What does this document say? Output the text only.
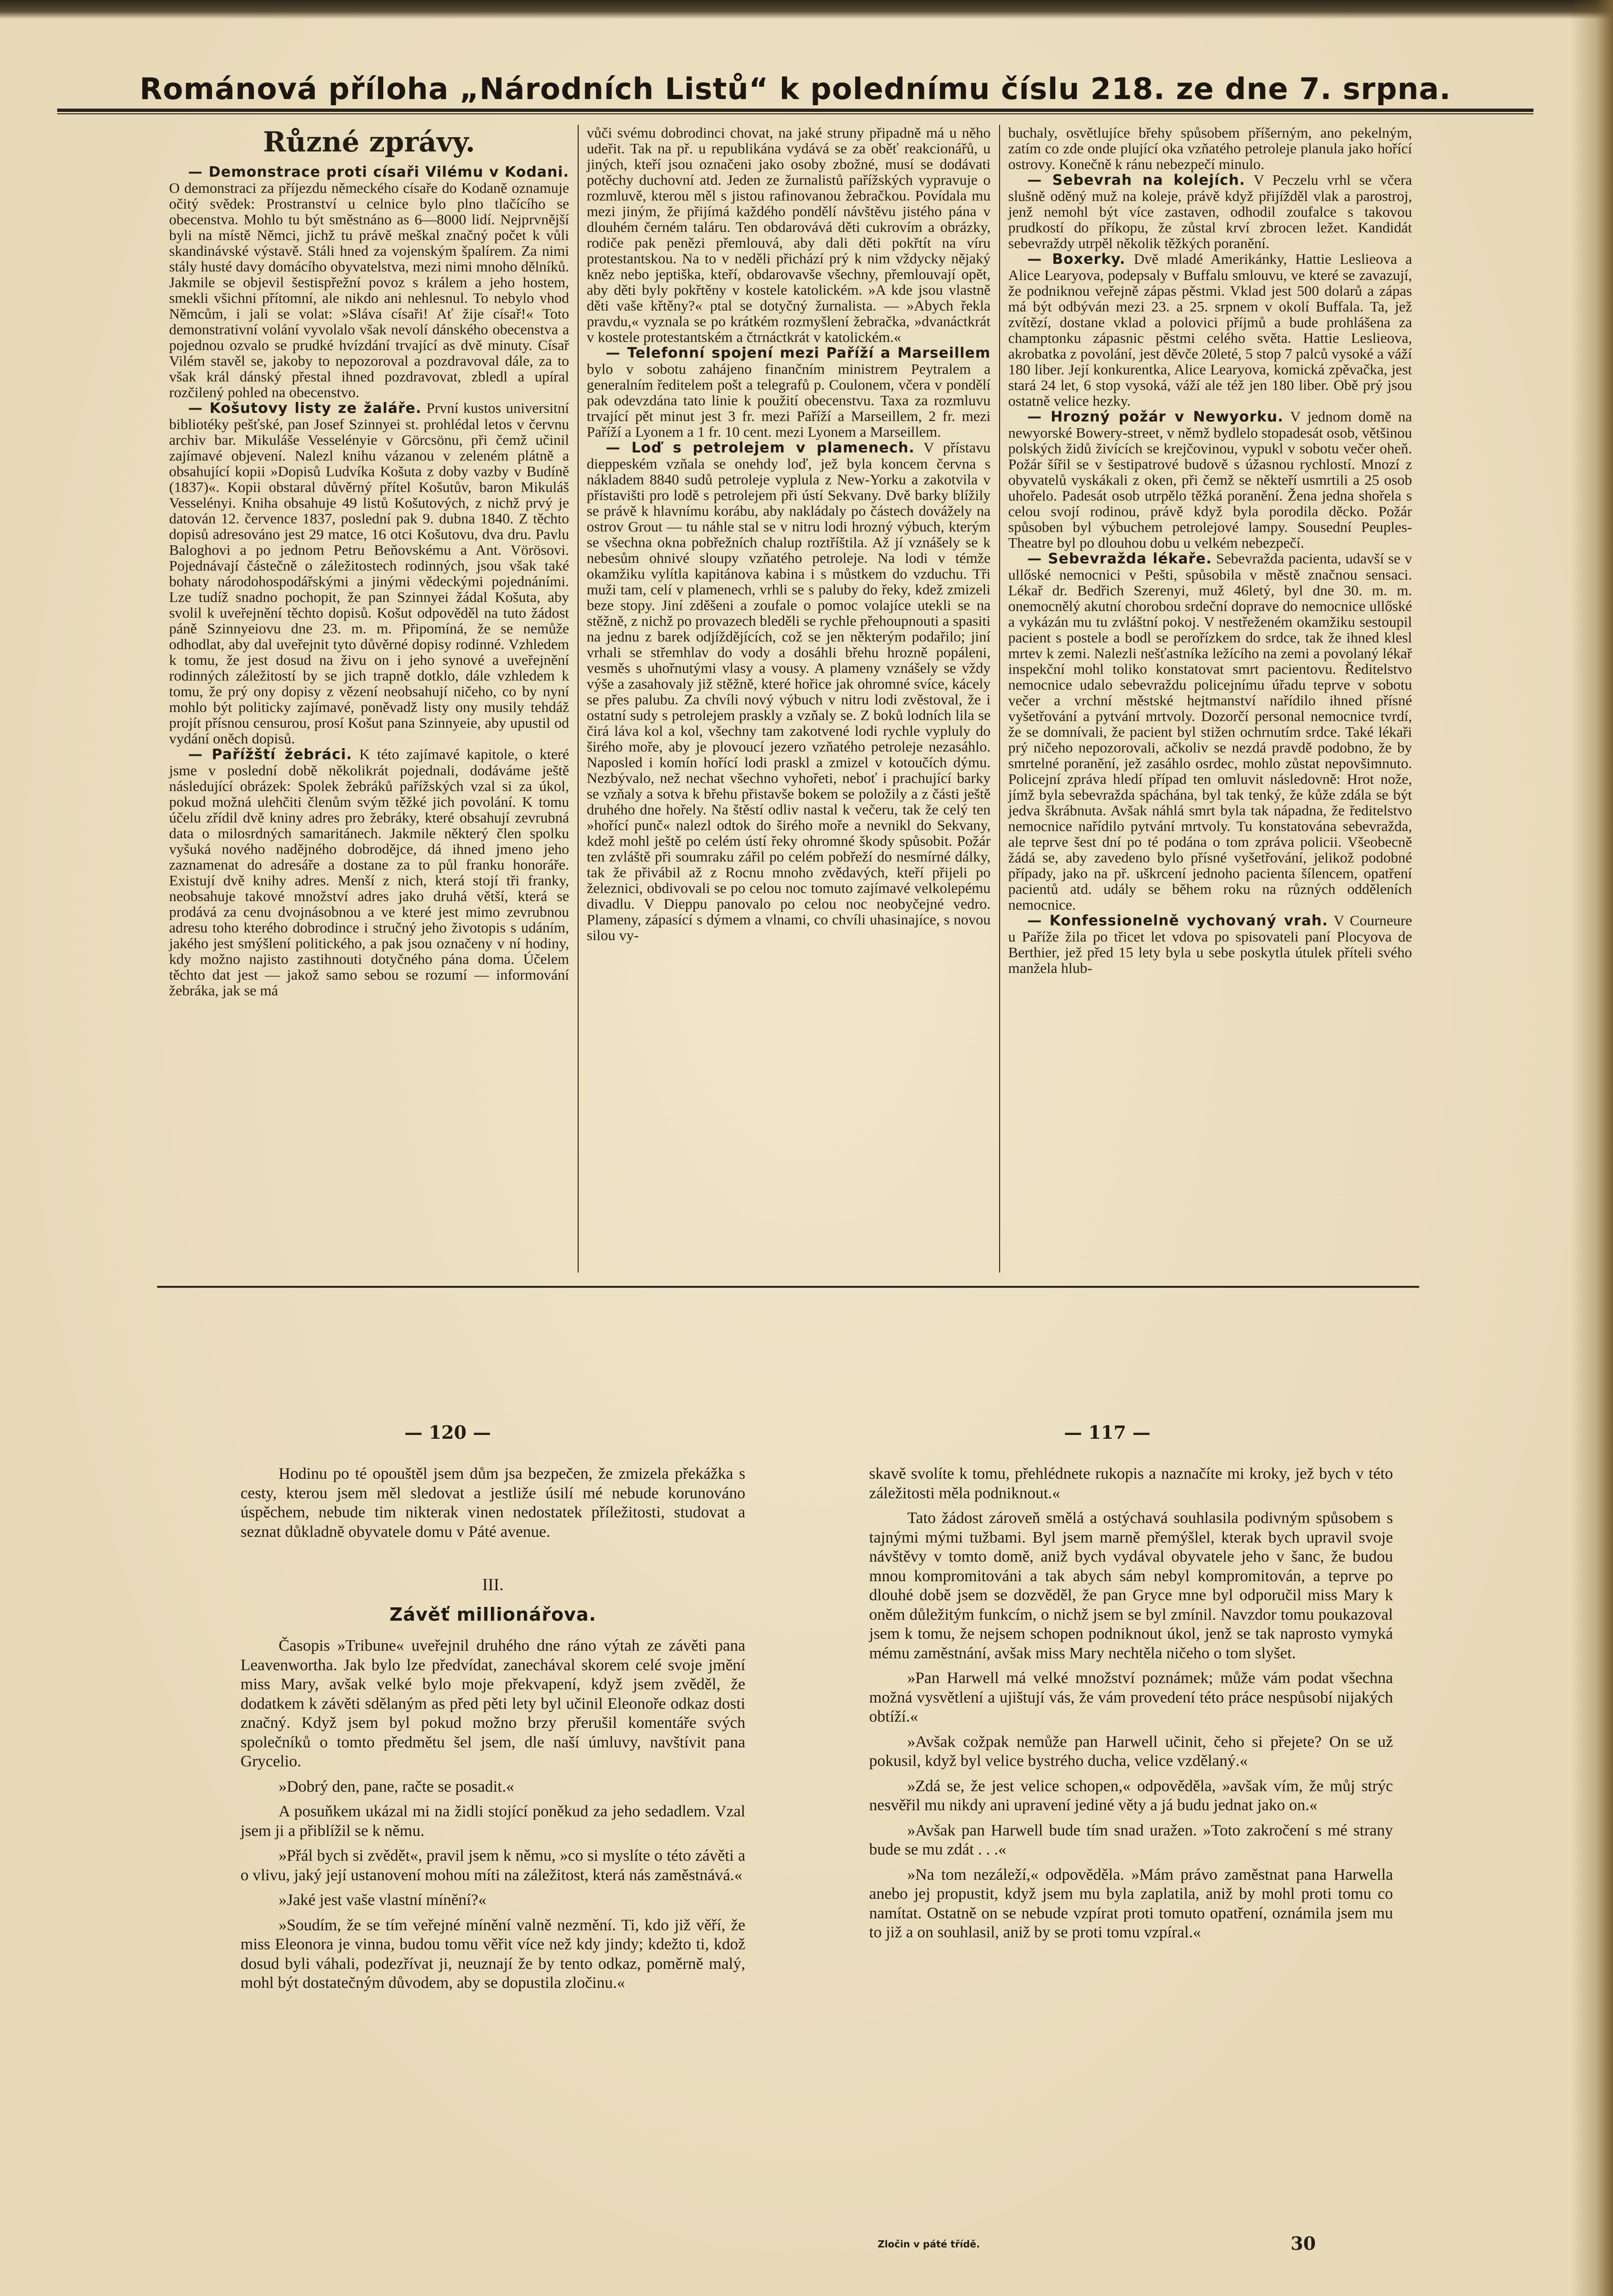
Románová příloha „Národních Listů“ k polednímu číslu 218. ze dne 7. srpna.
Různé zprávy.

— Demonstrace proti císaři Vilému v Kodani. O demonstraci za příjezdu německého císaře do Kodaně oznamuje očitý svědek: Prostranství u celnice bylo plno tlačícího se obecenstva. Mohlo tu být směstnáno as 6—8000 lidí. Nejprvnější byli na místě Němci, jichž tu právě meškal značný počet k vůli skandinávské výstavě. Stáli hned za vojenským špalírem. Za nimi stály husté davy domácího obyvatelstva, mezi nimi mnoho dělníků. Jakmile se objevil šestispřežní povoz s králem a jeho hostem, smekli všichni přítomní, ale nikdo ani nehlesnul. To nebylo vhod Němcům, i jali se volat: »Sláva císaři! Ať žije císař!« Toto demonstrativní volání vyvolalo však nevolí dánského obecenstva a pojednou ozvalo se prudké hvízdání trvající as dvě minuty. Císař Vilém stavěl se, jakoby to nepozoroval a pozdravoval dále, za to však král dánský přestal ihned pozdravovat, zbledl a upíral rozčilený pohled na obecenstvo.

— Košutovy listy ze žaláře. První kustos universitní bibliotéky pešťské, pan Josef Szinnyei st. prohlédal letos v červnu archiv bar. Mikuláše Vesselényie v Görcsönu, při čemž učinil zajímavé objevení. Nalezl knihu vázanou v zeleném plátně a obsahující kopii »Dopisů Ludvíka Košuta z doby vazby v Budíně (1837)«. Kopii obstaral důvěrný přítel Košutův, baron Mikuláš Vesselényi. Kniha obsahuje 49 listů Košutových, z nichž prvý je datován 12. července 1837, poslední pak 9. dubna 1840. Z těchto dopisů adresováno jest 29 matce, 16 otci Košutovu, dva dru. Pavlu Baloghovi a po jednom Petru Beňovskému a Ant. Vörösovi. Pojednávají částečně o záležitostech rodinných, jsou však také bohaty národohospodářskými a jinými vědeckými pojednáními. Lze tudíž snadno pochopit, že pan Szinnyei žádal Košuta, aby svolil k uveřejnění těchto dopisů. Košut odpověděl na tuto žádost páně Szinnyeiovu dne 23. m. m. Připomíná, že se nemůže odhodlat, aby dal uveřejnit tyto důvěrné dopisy rodinné. Vzhledem k tomu, že jest dosud na živu on i jeho synové a uveřejnění rodinných záležitostí by se jich trapně dotklo, dále vzhledem k tomu, že prý ony dopisy z vězení neobsahují ničeho, co by nyní mohlo být politicky zajímavé, poněvadž listy ony musily tehdáž projít přísnou censurou, prosí Košut pana Szinnyeie, aby upustil od vydání oněch dopisů.

— Pařížští žebráci. K této zajímavé kapitole, o které jsme v poslední době několikrát pojednali, dodáváme ještě následující obrázek: Spolek žebráků pařížských vzal si za úkol, pokud možná ulehčiti členům svým těžké jich povolání. K tomu účelu zřídil dvě kniny adres pro žebráky, které obsahují zevrubná data o milosrdných samaritánech. Jakmile některý člen spolku vyšuká nového nadějného dobrodějce, dá ihned jmeno jeho zaznamenat do adresáře a dostane za to půl franku honoráře. Existují dvě knihy adres. Menší z nich, která stojí tři franky, neobsahuje takové množství adres jako druhá větší, která se prodává za cenu dvojnásobnou a ve které jest mimo zevrubnou adresu toho kterého dobrodince i stručný jeho životopis s udáním, jakého jest smýšlení politického, a pak jsou označeny v ní hodiny, kdy možno najisto zastihnouti dotyčného pána doma. Účelem těchto dat jest — jakož samo sebou se rozumí — informování žebráka, jak se má

vůči svému dobrodinci chovat, na jaké struny připadně má u něho udeřit. Tak na př. u republikána vydává se za oběť reakcionářů, u jiných, kteří jsou označeni jako osoby zbožné, musí se dodávati potěchy duchovní atd. Jeden ze žurnalistů pařížských vypravuje o rozmluvě, kterou měl s jistou rafinovanou žebračkou. Povídala mu mezi jiným, že přijímá každého pondělí návštěvu jistého pána v dlouhém černém taláru. Ten obdarovává děti cukrovím a obrázky, rodiče pak penězi přemlouvá, aby dali děti pokřtít na víru protestantskou. Na to v neděli přichází prý k nim vždycky nějaký kněz nebo jeptiška, kteří, obdarovavše všechny, přemlouvají opět, aby děti byly pokřtěny v kostele katolickém. »A kde jsou vlastně děti vaše křtěny?« ptal se dotyčný žurnalista. — »Abych řekla pravdu,« vyznala se po krátkém rozmyšlení žebračka, »dvanáctkrát v kostele protestantském a čtrnáctkrát v katolickém.«

— Telefonní spojení mezi Paříží a Marseillem bylo v sobotu zahájeno finančním ministrem Peytralem a generalním ředitelem pošt a telegrafů p. Coulonem, včera v pondělí pak odevzdána tato linie k použití obecenstvu. Taxa za rozmluvu trvající pět minut jest 3 fr. mezi Paříží a Marseillem, 2 fr. mezi Paříží a Lyonem a 1 fr. 10 cent. mezi Lyonem a Marseillem.

— Loď s petrolejem v plamenech. V přístavu dieppeském vzňala se onehdy loď, jež byla koncem června s nákladem 8840 sudů petroleje vyplula z New-Yorku a zakotvila v přístavišti pro lodě s petrolejem při ústí Sekvany. Dvě barky blížily se právě k hlavnímu korábu, aby nakládaly po částech dovážely na ostrov Grout — tu náhle stal se v nitru lodi hrozný výbuch, kterým se všechna okna pobřežních chalup roztříštila. Až jí vznášely se k nebesům ohnivé sloupy vzňatého petroleje. Na lodi v témže okamžiku vylítla kapitánova kabina i s můstkem do vzduchu. Tři muži tam, celí v plamenech, vrhli se s paluby do řeky, kdež zmizeli beze stopy. Jiní zděšeni a zoufale o pomoc volajíce utekli se na stěžně, z nichž po provazech bleděli se rychle přehoupnouti a spasiti na jednu z barek odjíždějících, což se jen některým podařilo; jiní vrhali se střemhlav do vody a dosáhli břehu hrozně popáleni, vesměs s uhořnutými vlasy a vousy. A plameny vznášely se vždy výše a zasahovaly již stěžně, které hořice jak ohromné svíce, kácely se přes palubu. Za chvíli nový výbuch v nitru lodi zvěstoval, že i ostatní sudy s petrolejem praskly a vzňaly se. Z boků lodních lila se čirá láva kol a kol, všechny tam zakotvené lodi rychle vypluly do širého moře, aby je plovoucí jezero vzňatého petroleje nezasáhlo. Naposled i komín hořící lodi praskl a zmizel v kotoučích dýmu. Nezbývalo, než nechat všechno vyhořeti, neboť i prachující barky se vzňaly a sotva k břehu přistavše bokem se položily a z části ještě druhého dne hořely. Na štěstí odliv nastal k večeru, tak že celý ten »hořící punč« nalezl odtok do širého moře a nevnikl do Sekvany, kdež mohl ještě po celém ústí řeky ohromné škody spůsobit. Požár ten zvláště při soumraku zářil po celém pobřeží do nesmírné dálky, tak že přivábil až z Rocnu mnoho zvědavých, kteří přijeli po železnici, obdivovali se po celou noc tomuto zajímavé velkolepému divadlu. V Dieppu panovalo po celou noc neobyčejné vedro. Plameny, zápasící s dýmem a vlnami, co chvíli uhasinajíce, s novou silou vy-

buchaly, osvětlujíce břehy spůsobem příšerným, ano pekelným, zatím co zde onde plující oka vzňatého petroleje planula jako hořící ostrovy. Konečně k ránu nebezpečí minulo.

— Sebevrah na kolejích. V Peczelu vrhl se včera slušně oděný muž na koleje, právě když přijížděl vlak a parostroj, jenž nemohl být více zastaven, odhodil zoufalce s takovou prudkostí do příkopu, že zůstal krví zbrocen ležet. Kandidát sebevraždy utrpěl několik těžkých poranění.

— Boxerky. Dvě mladé Amerikánky, Hattie Leslieova a Alice Learyova, podepsaly v Buffalu smlouvu, ve které se zavazují, že podniknou veřejně zápas pěstmi. Vklad jest 500 dolarů a zápas má být odbýván mezi 23. a 25. srpnem v okolí Buffala. Ta, jež zvítězí, dostane vklad a polovici příjmů a bude prohlášena za champtonku zápasnic pěstmi celého světa. Hattie Leslieova, akrobatka z povolání, jest děvče 20leté, 5 stop 7 palců vysoké a váží 180 liber. Její konkurentka, Alice Learyova, komická zpěvačka, jest stará 24 let, 6 stop vysoká, váží ale též jen 180 liber. Obě prý jsou ostatně velice hezky.

— Hrozný požár v Newyorku. V jednom domě na newyorské Bowery-street, v němž bydlelo stopadesát osob, většinou polských židů živících se krejčovinou, vypukl v sobotu večer oheň. Požár šířil se v šestipatrové budově s úžasnou rychlostí. Mnozí z obyvatelů vyskákali z oken, při čemž se někteří usmrtili a 25 osob uhořelo. Padesát osob utrpělo těžká poranění. Žena jedna shořela s celou svojí rodinou, právě když byla porodila děcko. Požár spůsoben byl výbuchem petrolejové lampy. Sousední Peuples-Theatre byl po dlouhou dobu u velkém nebezpečí.

— Sebevražda lékaře. Sebevražda pacienta, udavší se v ullőské nemocnici v Pešti, spůsobila v městě značnou sensaci. Lékař dr. Bedřich Szerenyi, muž 46letý, byl dne 30. m. m. onemocnělý akutní chorobou srdeční doprave do nemocnice ullőské a vykázán mu tu zvláštní pokoj. V nestřeženém okamžiku sestoupil pacient s postele a bodl se perořízkem do srdce, tak že ihned klesl mrtev k zemi. Nalezli nešťastníka ležícího na zemi a povolaný lékař inspekční mohl toliko konstatovat smrt pacientovu. Ředitelstvo nemocnice udalo sebevraždu policejnímu úřadu teprve v sobotu večer a vrchní městské hejtmanství nařídilo ihned přísné vyšetřování a pytvání mrtvoly. Dozorčí personal nemocnice tvrdí, že se domnívali, že pacient byl stižen ochrnutím srdce. Také lékaři prý ničeho nepozorovali, ačkoliv se nezdá pravdě podobno, že by smrtelné poranění, jež zasáhlo osrdec, mohlo zůstat nepovšimnuto. Policejní zpráva hledí případ ten omluvit následovně: Hrot nože, jímž byla sebevražda spáchána, byl tak tenký, že kůže zdála se být jedva škrábnuta. Avšak náhlá smrt byla tak nápadna, že ředitelstvo nemocnice nařídilo pytvání mrtvoly. Tu konstatována sebevražda, ale teprve šest dní po té podána o tom zpráva policii. Všeobecně žádá se, aby zavedeno bylo přísné vyšetřování, jelikož podobné případy, jako na př. uškrcení jednoho pacienta šílencem, opatření pacientů atd. udály se během roku na různých odděleních nemocnice.

— Konfessionelně vychovaný vrah. V Courneure u Paříže žila po třicet let vdova po spisovateli paní Plocyova de Berthier, jež před 15 lety byla u sebe poskytla útulek příteli svého manžela hlub-

— 120 —	— 117 —

Hodinu po té opouštěl jsem dům jsa bezpečen, že zmizela překážka s cesty, kterou jsem měl sledovat a jestliže úsilí mé nebude korunováno úspěchem, nebude tim nikterak vinen nedostatek příležitosti, studovat a seznat důkladně obyvatele domu v Páté avenue.

III.
Závěť millionářova.

Časopis »Tribune« uveřejnil druhého dne ráno výtah ze závěti pana Leavenwortha. Jak bylo lze předvídat, zanechával skorem celé svoje jmění miss Mary, avšak velké bylo moje překvapení, když jsem zvěděl, že dodatkem k závěti sdělaným as před pěti lety byl učinil Eleonoře odkaz dosti značný. Když jsem byl pokud možno brzy přerušil komentáře svých společníků o tomto předmětu šel jsem, dle naší úmluvy, navštívit pana Grycelio.

»Dobrý den, pane, račte se posadit.«

A posuňkem ukázal mi na židli stojící poněkud za jeho sedadlem. Vzal jsem ji a přiblížil se k němu.

»Přál bych si zvědět«, pravil jsem k němu, »co si myslíte o této závěti a o vlivu, jaký její ustanovení mohou míti na záležitost, která nás zaměstnává.«

»Jaké jest vaše vlastní mínění?«

»Soudím, že se tím veřejné mínění valně nezmění. Ti, kdo již věří, že miss Eleonora je vinna, budou tomu věřit více než kdy jindy; kdežto ti, kdož dosud byli váhali, podezřívat ji, neuznají že by tento odkaz, poměrně malý, mohl být dostatečným důvodem, aby se dopustila zločinu.«

skavě svolíte k tomu, přehlédnete rukopis a naznačíte mi kroky, jež bych v této záležitosti měla podniknout.«

Tato žádost zároveň smělá a ostýchavá souhlasila podivným spůsobem s tajnými mými tužbami. Byl jsem marně přemýšlel, kterak bych upravil svoje návštěvy v tomto domě, aniž bych vydával obyvatele jeho v šanc, že budou mnou kompromitováni a tak abych sám nebyl kompromitován, a teprve po dlouhé době jsem se dozvěděl, že pan Gryce mne byl odporučil miss Mary k oněm důležitým funkcím, o nichž jsem se byl zmínil. Navzdor tomu poukazoval jsem k tomu, že nejsem schopen podniknout úkol, jenž se tak naprosto vymyká mému zaměstnání, avšak miss Mary nechtěla ničeho o tom slyšet.

»Pan Harwell má velké množství poznámek; může vám podat všechna možná vysvětlení a ujištují vás, že vám provedení této práce nespůsobí nijakých obtíží.«

»Avšak cožpak nemůže pan Harwell učinit, čeho si přejete? On se už pokusil, když byl velice bystrého ducha, velice vzdělaný.«

»Zdá se, že jest velice schopen,« odpověděla, »avšak vím, že můj strýc nesvěřil mu nikdy ani upravení jediné věty a já budu jednat jako on.«

»Avšak pan Harwell bude tím snad uražen. »Toto zakročení s mé strany bude se mu zdát . . .«

»Na tom nezáleží,« odpověděla. »Mám právo zaměstnat pana Harwella anebo jej propustit, když jsem mu byla zaplatila, aniž by mohl proti tomu co namítat. Ostatně on se nebude vzpírat proti tomuto opatření, oznámila jsem mu to již a on souhlasil, aniž by se proti tomu vzpíral.«

Zločin v páté třídě.	30
